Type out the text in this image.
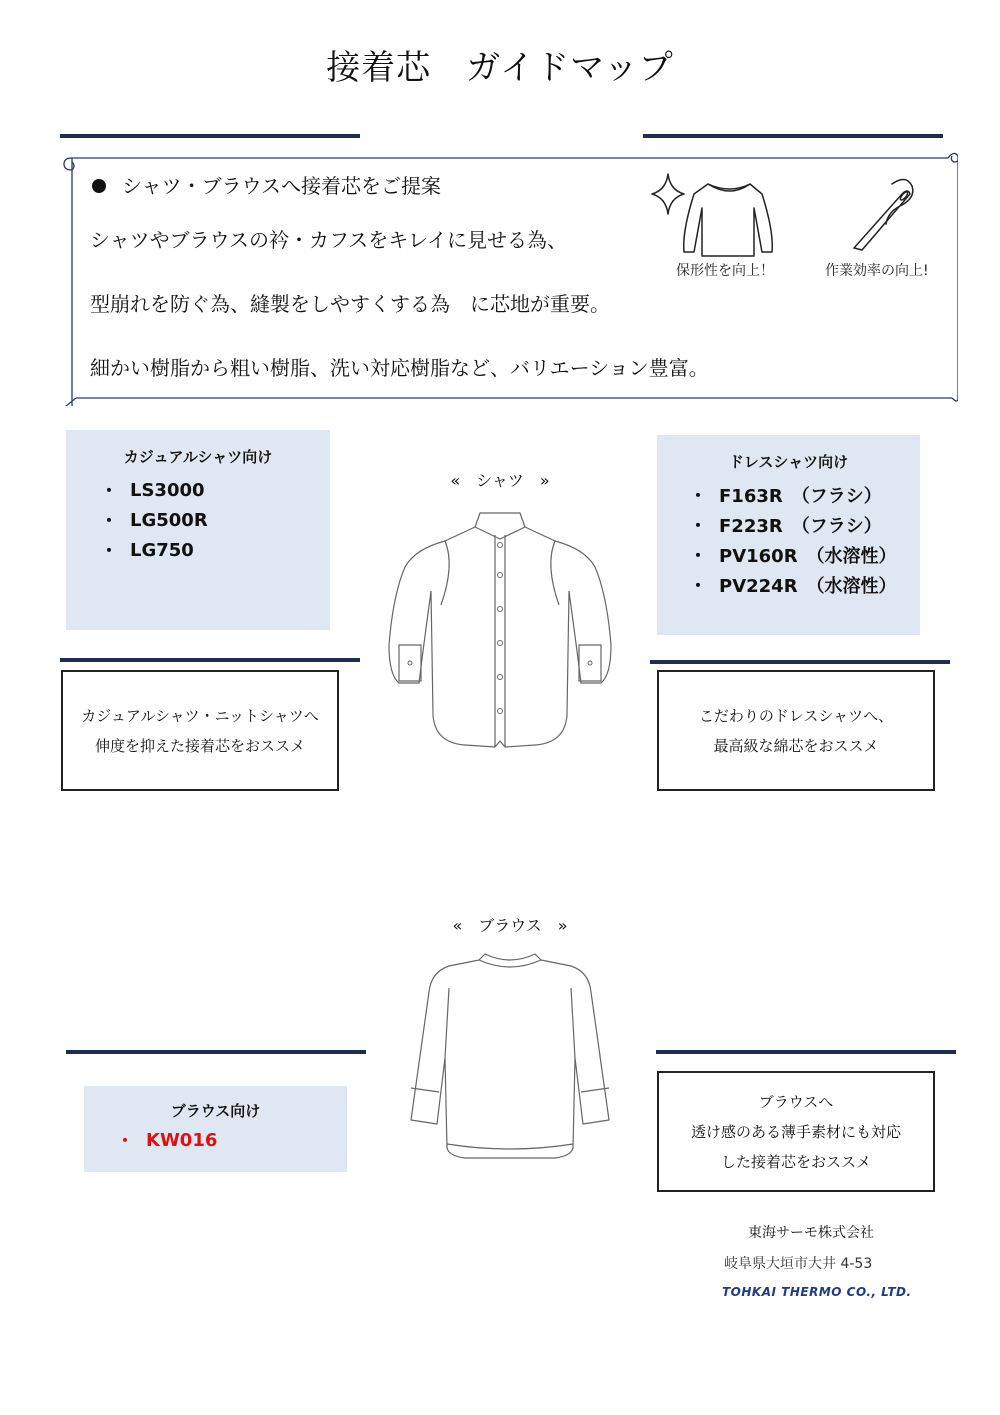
接着芯　ガイドマップ
シャツ・ブラウスへ接着芯をご提案

シャツやブラウスの衿・カフスをキレイに見せる為、

型崩れを防ぐ為、縫製をしやすくする為　に芯地が重要。

細かい樹脂から粗い樹脂、洗い対応樹脂など、バリエーション豊富。

保形性を向上！	作業効率の向上!
カジュアルシャツ向け
・ LS3000
・ LG500R
・ LG750
ドレスシャツ向け
・ F163R　（フラシ）
・ F223R　（フラシ）
・ PV160R　（水溶性）
・ PV224R　（水溶性）
«　シャツ　»
カジュアルシャツ・ニットシャツへ
伸度を抑えた接着芯をおススメ
こだわりのドレスシャツへ、
最高級な綿芯をおススメ
«　ブラウス　»
ブラウス向け
・ KW016
ブラウスへ
透け感のある薄手素材にも対応
した接着芯をおススメ
東海サーモ株式会社
岐阜県大垣市大井 4-53
TOHKAI THERMO CO., LTD.
